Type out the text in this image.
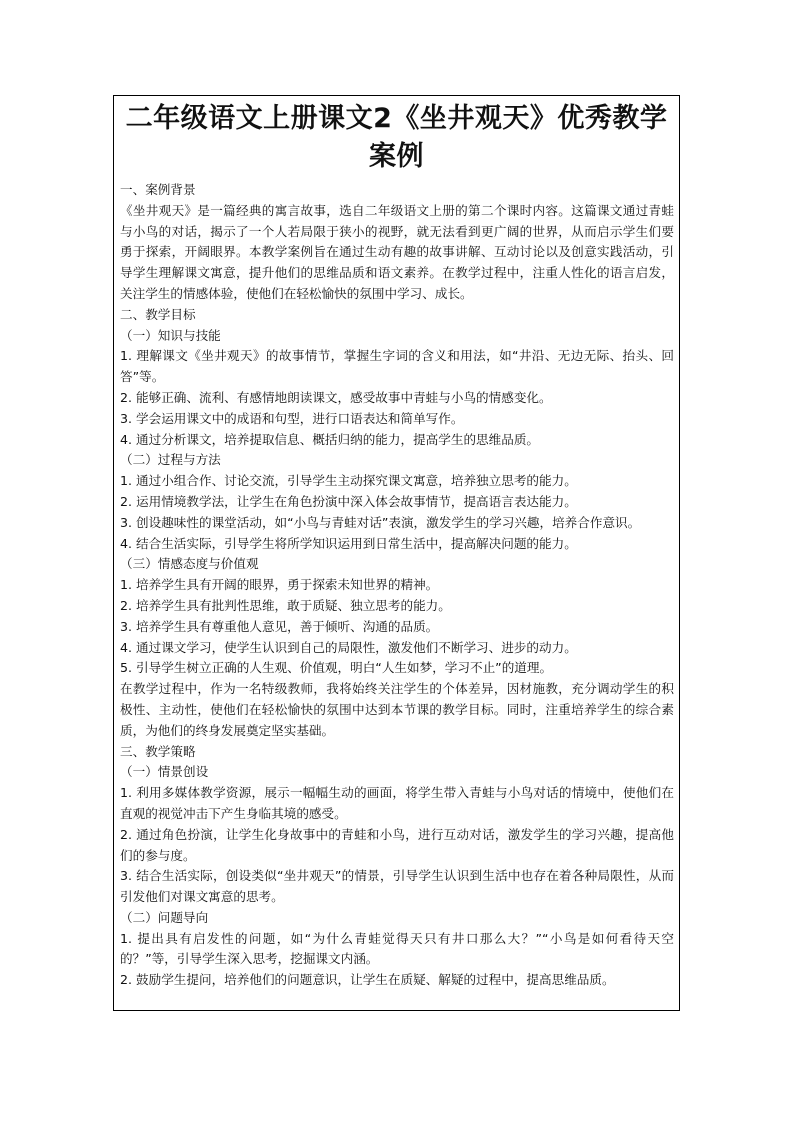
二年级语文上册课文2《坐井观天》优秀教学案例
一、案例背景
《坐井观天》是一篇经典的寓言故事，选自二年级语文上册的第二个课时内容。这篇课文通过青蛙与小鸟的对话，揭示了一个人若局限于狭小的视野，就无法看到更广阔的世界，从而启示学生们要勇于探索，开阔眼界。本教学案例旨在通过生动有趣的故事讲解、互动讨论以及创意实践活动，引导学生理解课文寓意，提升他们的思维品质和语文素养。在教学过程中，注重人性化的语言启发，关注学生的情感体验，使他们在轻松愉快的氛围中学习、成长。
二、教学目标
（一）知识与技能
1. 理解课文《坐井观天》的故事情节，掌握生字词的含义和用法，如“井沿、无边无际、抬头、回答”等。
2. 能够正确、流利、有感情地朗读课文，感受故事中青蛙与小鸟的情感变化。
3. 学会运用课文中的成语和句型，进行口语表达和简单写作。
4. 通过分析课文，培养提取信息、概括归纳的能力，提高学生的思维品质。
（二）过程与方法
1. 通过小组合作、讨论交流，引导学生主动探究课文寓意，培养独立思考的能力。
2. 运用情境教学法，让学生在角色扮演中深入体会故事情节，提高语言表达能力。
3. 创设趣味性的课堂活动，如“小鸟与青蛙对话”表演，激发学生的学习兴趣，培养合作意识。
4. 结合生活实际，引导学生将所学知识运用到日常生活中，提高解决问题的能力。
（三）情感态度与价值观
1. 培养学生具有开阔的眼界，勇于探索未知世界的精神。
2. 培养学生具有批判性思维，敢于质疑、独立思考的能力。
3. 培养学生具有尊重他人意见，善于倾听、沟通的品质。
4. 通过课文学习，使学生认识到自己的局限性，激发他们不断学习、进步的动力。
5. 引导学生树立正确的人生观、价值观，明白“人生如梦，学习不止”的道理。
在教学过程中，作为一名特级教师，我将始终关注学生的个体差异，因材施教，充分调动学生的积极性、主动性，使他们在轻松愉快的氛围中达到本节课的教学目标。同时，注重培养学生的综合素质，为他们的终身发展奠定坚实基础。
三、教学策略
（一）情景创设
1. 利用多媒体教学资源，展示一幅幅生动的画面，将学生带入青蛙与小鸟对话的情境中，使他们在直观的视觉冲击下产生身临其境的感受。
2. 通过角色扮演，让学生化身故事中的青蛙和小鸟，进行互动对话，激发学生的学习兴趣，提高他们的参与度。
3. 结合生活实际，创设类似“坐井观天”的情景，引导学生认识到生活中也存在着各种局限性，从而引发他们对课文寓意的思考。
（二）问题导向
1. 提出具有启发性的问题，如“为什么青蛙觉得天只有井口那么大？”“小鸟是如何看待天空的？”等，引导学生深入思考，挖掘课文内涵。
2. 鼓励学生提问，培养他们的问题意识，让学生在质疑、解疑的过程中，提高思维品质。
